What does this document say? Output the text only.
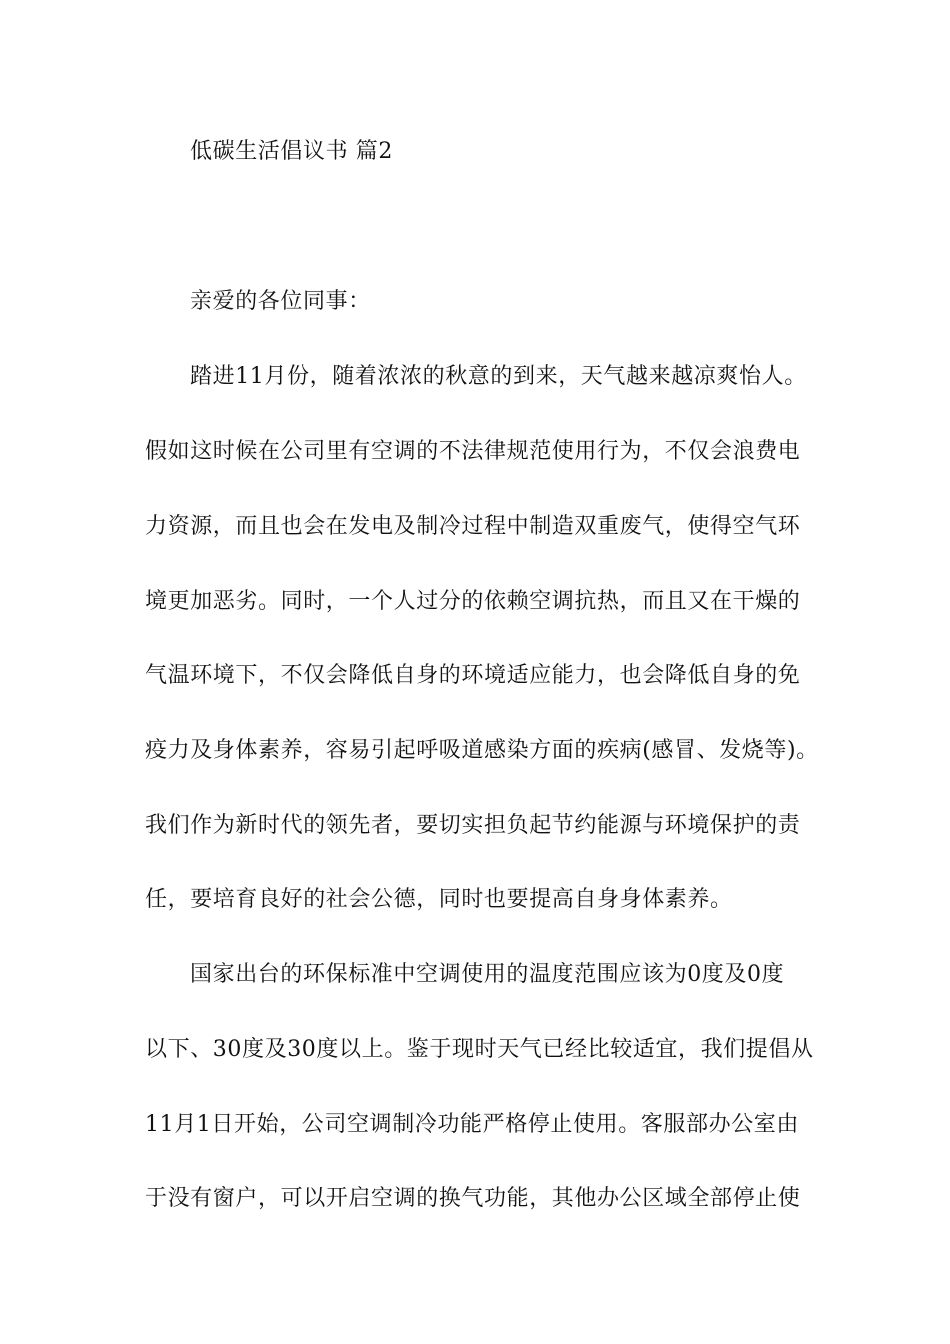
低碳生活倡议书 篇2
亲爱的各位同事：
踏进11月份，随着浓浓的秋意的到来，天气越来越凉爽怡人。
假如这时候在公司里有空调的不法律规范使用行为，不仅会浪费电
力资源，而且也会在发电及制冷过程中制造双重废气，使得空气环
境更加恶劣。同时，一个人过分的依赖空调抗热，而且又在干燥的
气温环境下，不仅会降低自身的环境适应能力，也会降低自身的免
疫力及身体素养，容易引起呼吸道感染方面的疾病(感冒、发烧等)。
我们作为新时代的领先者，要切实担负起节约能源与环境保护的责
任，要培育良好的社会公德，同时也要提高自身身体素养。
国家出台的环保标准中空调使用的温度范围应该为0度及0度
以下、30度及30度以上。鉴于现时天气已经比较适宜，我们提倡从
11月1日开始，公司空调制冷功能严格停止使用。客服部办公室由
于没有窗户，可以开启空调的换气功能，其他办公区域全部停止使
